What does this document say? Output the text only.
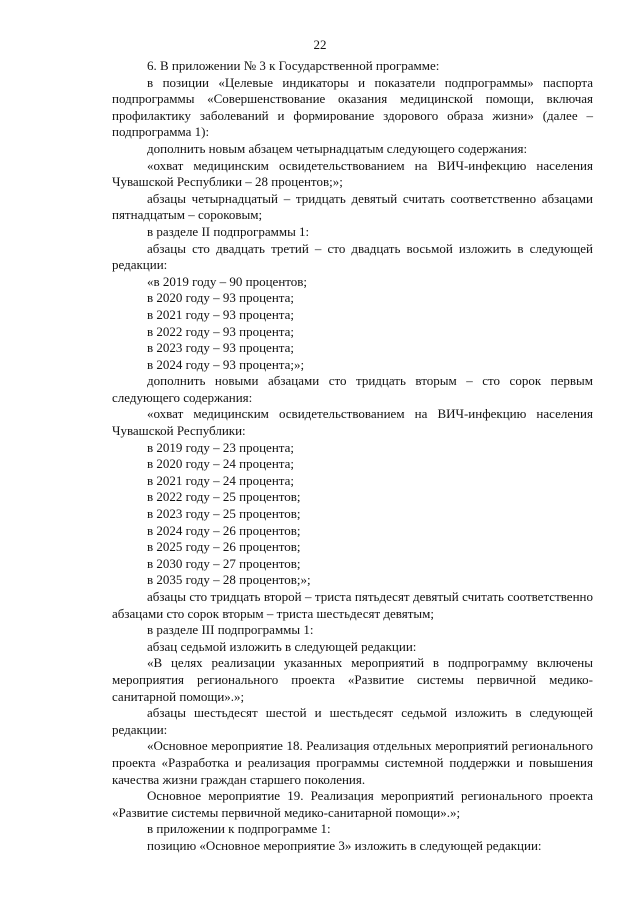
22

6. В приложении № 3 к Государственной программе:

в позиции «Целевые индикаторы и показатели подпрограммы» паспорта подпрограммы «Совершенствование оказания медицинской помощи, включая профилактику заболеваний и формирование здорового образа жизни» (далее – подпрограмма 1):

дополнить новым абзацем четырнадцатым следующего содержания:

«охват медицинским освидетельствованием на ВИЧ-инфекцию населения Чувашской Республики – 28 процентов;»;

абзацы четырнадцатый – тридцать девятый считать соответственно абзацами пятнадцатым – сороковым;

в разделе II подпрограммы 1:

абзацы сто двадцать третий – сто двадцать восьмой изложить в следующей редакции:

«в 2019 году – 90 процентов;

в 2020 году – 93 процента;

в 2021 году – 93 процента;

в 2022 году – 93 процента;

в 2023 году – 93 процента;

в 2024 году – 93 процента;»;

дополнить новыми абзацами сто тридцать вторым – сто сорок первым следующего содержания:

«охват медицинским освидетельствованием на ВИЧ-инфекцию населения Чувашской Республики:

в 2019 году – 23 процента;

в 2020 году – 24 процента;

в 2021 году – 24 процента;

в 2022 году – 25 процентов;

в 2023 году – 25 процентов;

в 2024 году – 26 процентов;

в 2025 году – 26 процентов;

в 2030 году – 27 процентов;

в 2035 году – 28 процентов;»;

абзацы сто тридцать второй – триста пятьдесят девятый считать соответственно абзацами сто сорок вторым – триста шестьдесят девятым;

в разделе III подпрограммы 1:

абзац седьмой изложить в следующей редакции:

«В целях реализации указанных мероприятий в подпрограмму включены мероприятия регионального проекта «Развитие системы первичной медико-санитарной помощи».»;

абзацы шестьдесят шестой и шестьдесят седьмой изложить в следующей редакции:

«Основное мероприятие 18. Реализация отдельных мероприятий регионального проекта «Разработка и реализация программы системной поддержки и повышения качества жизни граждан старшего поколения.

Основное мероприятие 19. Реализация мероприятий регионального проекта «Развитие системы первичной медико-санитарной помощи».»;

в приложении к подпрограмме 1:

позицию «Основное мероприятие 3» изложить в следующей редакции:
